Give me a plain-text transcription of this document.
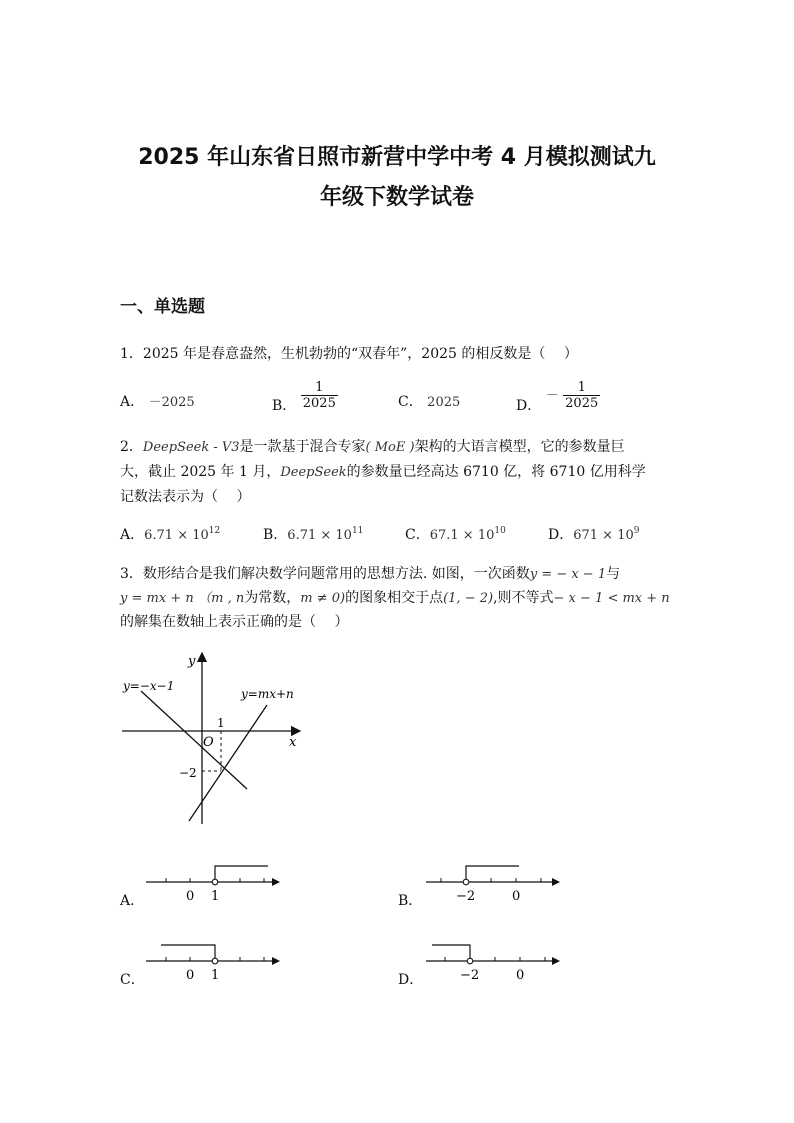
2025 年山东省日照市新营中学中考 4 月模拟测试九
年级下数学试卷
一、单选题
1．2025 年是春意盎然，生机勃勃的“双春年”，2025 的相反数是（　 ）
A． －2025	B． $\frac{1}{2025}$	C． 2025	D． － $\frac{1}{2025}$
2．DeepSeek - V3是一款基于混合专家( MoE )架构的大语言模型，它的参数量巨
大，截止 2025 年 1 月，DeepSeek的参数量已经高达 6710 亿，将 6710 亿用科学
记数法表示为（　 ）
A．$6.71 \times 10^{12}$	B．$6.71 \times 10^{11}$	C．$67.1 \times 10^{10}$	D．$671 \times 10^9$
3．数形结合是我们解决数学问题常用的思想方法. 如图，一次函数y = − x − 1与
y = mx + n （m , n为常数，m ≠ 0)的图象相交于点(1, − 2),则不等式− x − 1 < mx + n
的解集在数轴上表示正确的是（　 ）
y
x
O
1
−2
y=−x−1
y=mx+n
A．	0 1	B．	−2	0
C．	0 1	D．	−2	0
